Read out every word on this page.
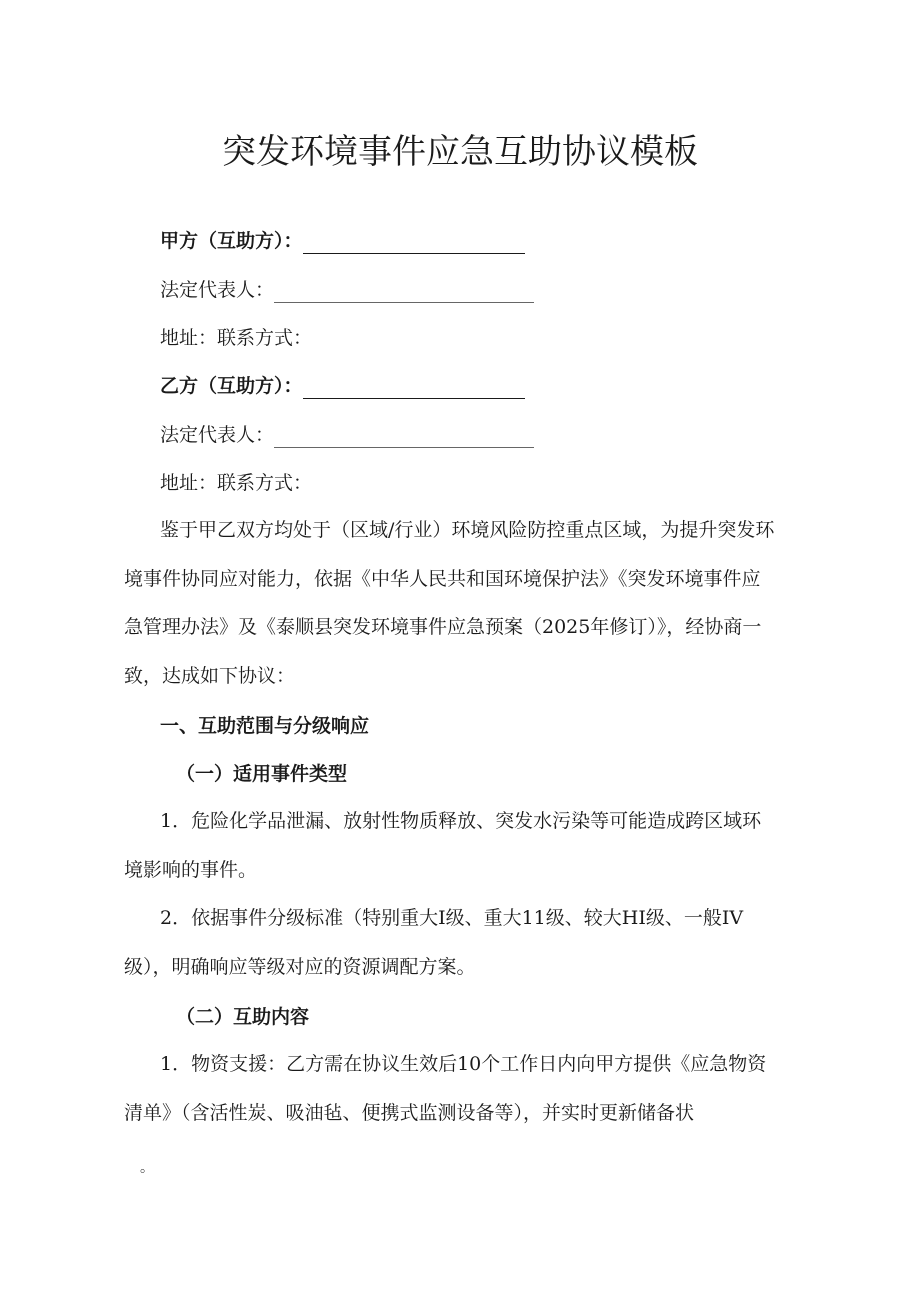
突发环境事件应急互助协议模板
甲方（互助方）：
法定代表人：
地址：联系方式：
乙方（互助方）：
法定代表人：
地址：联系方式：
鉴于甲乙双方均处于（区域/行业）环境风险防控重点区域，为提升突发环
境事件协同应对能力，依据《中华人民共和国环境保护法》《突发环境事件应
急管理办法》及《泰顺县突发环境事件应急预案（2025年修订）》，经协商一
致，达成如下协议：
一、互助范围与分级响应
（一）适用事件类型
1．危险化学品泄漏、放射性物质释放、突发水污染等可能造成跨区域环
境影响的事件。
2．依据事件分级标准（特别重大I级、重大11级、较大HI级、一般IV
级），明确响应等级对应的资源调配方案。
（二）互助内容
1．物资支援：乙方需在协议生效后10个工作日内向甲方提供《应急物资
清单》（含活性炭、吸油毡、便携式监测设备等），并实时更新储备状
。
